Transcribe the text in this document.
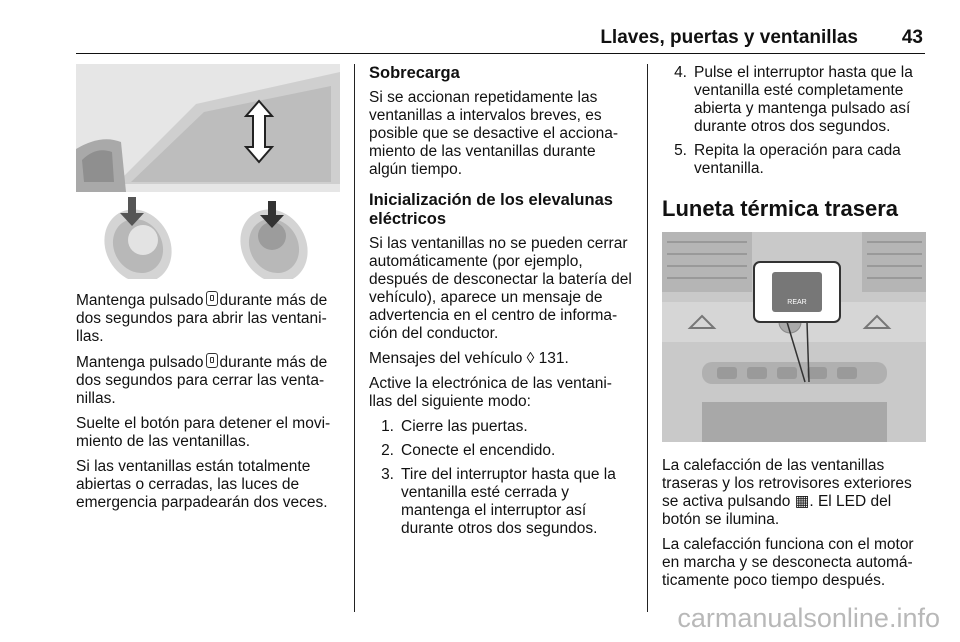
Llaves, puertas y ventanillas 43

Mantenga pulsado durante más de dos segundos para abrir las ventani-llas.

Mantenga pulsado durante más de dos segundos para cerrar las venta-nillas.

Suelte el botón para detener el movi-miento de las ventanillas.

Si las ventanillas están totalmente abiertas o cerradas, las luces de emergencia parpadearán dos veces.

Sobrecarga

Si se accionan repetidamente las ventanillas a intervalos breves, es posible que se desactive el acciona-miento de las ventanillas durante algún tiempo.

Inicialización de los elevalunas eléctricos

Si las ventanillas no se pueden cerrar automáticamente (por ejemplo, después de desconectar la batería del vehículo), aparece un mensaje de advertencia en el centro de informa-ción del conductor.

Mensajes del vehículo ◊ 131.

Active la electrónica de las ventani-llas del siguiente modo:

1. Cierre las puertas.
2. Conecte el encendido.
3. Tire del interruptor hasta que la ventanilla esté cerrada y mantenga el interruptor así durante otros dos segundos.
4. Pulse el interruptor hasta que la ventanilla esté completamente abierta y mantenga pulsado así durante otros dos segundos.
5. Repita la operación para cada ventanilla.
Luneta térmica trasera
REAR

La calefacción de las ventanillas traseras y los retrovisores exteriores se activa pulsando ▦. El LED del botón se ilumina.

La calefacción funciona con el motor en marcha y se desconecta automá-ticamente poco tiempo después.

carmanualsonline.info
